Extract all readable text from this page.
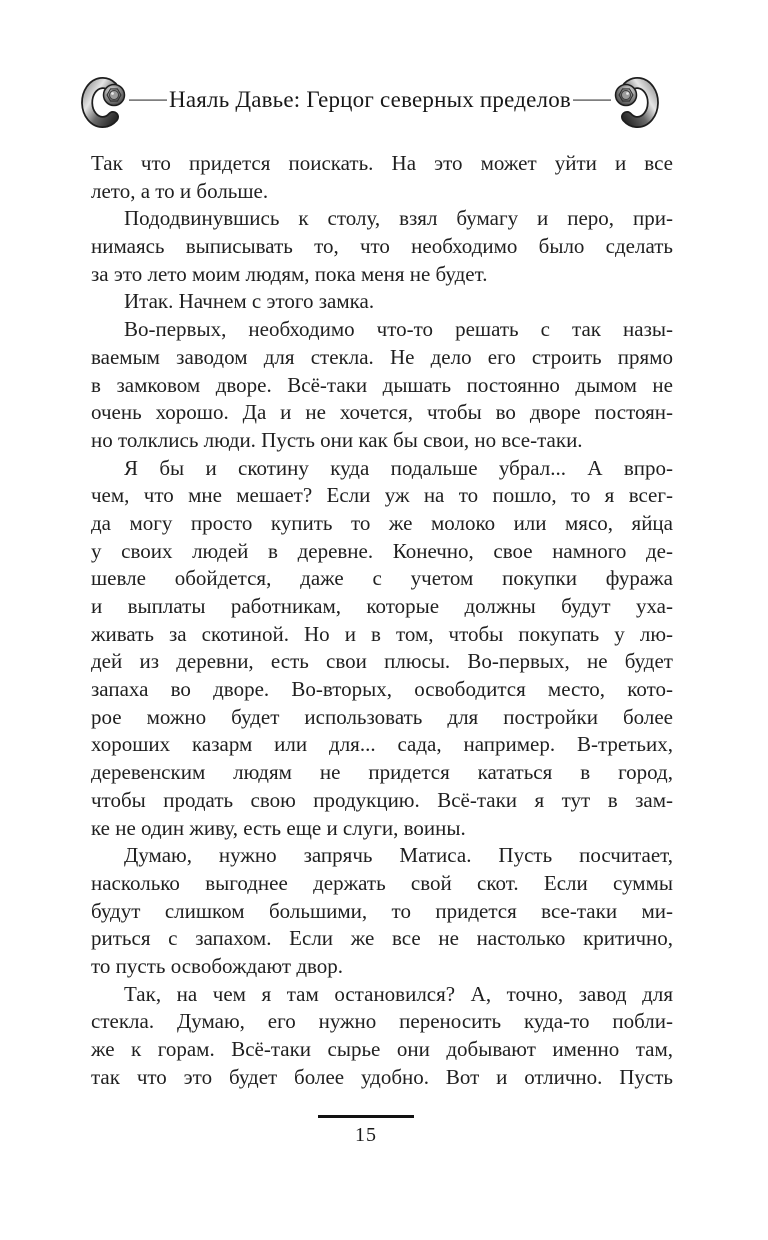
Наяль Давье: Герцог северных пределов
Так что придется поискать. На это может уйти и все
лето, а то и больше.
Пододвинувшись к столу, взял бумагу и перо, при-
нимаясь выписывать то, что необходимо было сделать
за это лето моим людям, пока меня не будет.
Итак. Начнем с этого замка.
Во-первых, необходимо что-то решать с так назы-
ваемым заводом для стекла. Не дело его строить прямо
в замковом дворе. Всё-таки дышать постоянно дымом не
очень хорошо. Да и не хочется, чтобы во дворе постоян-
но толклись люди. Пусть они как бы свои, но все-таки.
Я бы и скотину куда подальше убрал... А впро-
чем, что мне мешает? Если уж на то пошло, то я всег-
да могу просто купить то же молоко или мясо, яйца
у своих людей в деревне. Конечно, свое намного де-
шевле обойдется, даже с учетом покупки фуража
и выплаты работникам, которые должны будут уха-
живать за скотиной. Но и в том, чтобы покупать у лю-
дей из деревни, есть свои плюсы. Во-первых, не будет
запаха во дворе. Во-вторых, освободится место, кото-
рое можно будет использовать для постройки более
хороших казарм или для... сада, например. В-третьих,
деревенским людям не придется кататься в город,
чтобы продать свою продукцию. Всё-таки я тут в зам-
ке не один живу, есть еще и слуги, воины.
Думаю, нужно запрячь Матиса. Пусть посчитает,
насколько выгоднее держать свой скот. Если суммы
будут слишком большими, то придется все-таки ми-
риться с запахом. Если же все не настолько критично,
то пусть освобождают двор.
Так, на чем я там остановился? А, точно, завод для
стекла. Думаю, его нужно переносить куда-то побли-
же к горам. Всё-таки сырье они добывают именно там,
так что это будет более удобно. Вот и отлично. Пусть
15
